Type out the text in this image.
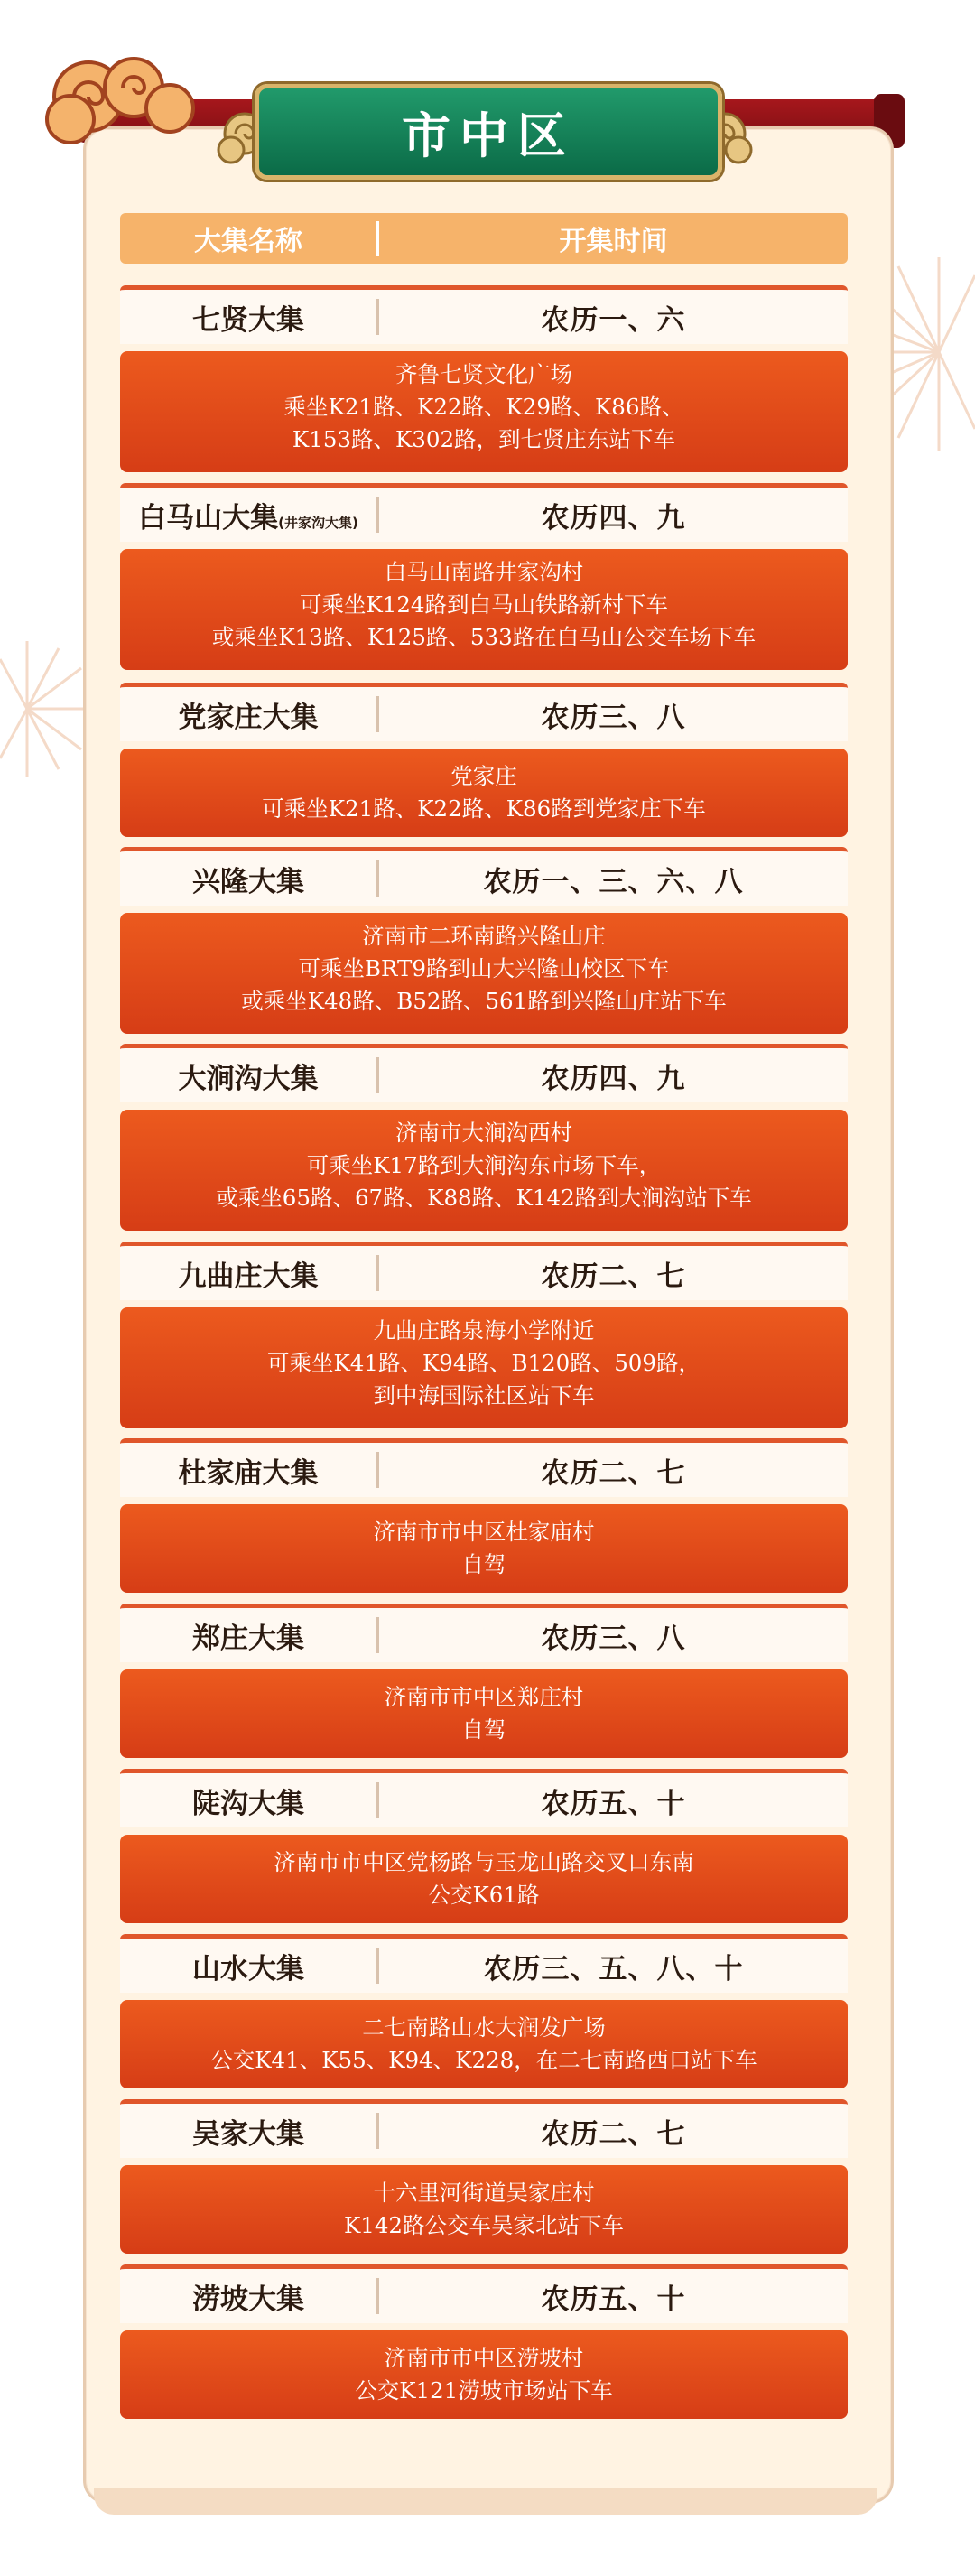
市中区
大集名称	开集时间
七贤大集	农历一、六
齐鲁七贤文化广场
乘坐K21路、K22路、K29路、K86路、
K153路、K302路，到七贤庄东站下车
白马山大集(井家沟大集)	农历四、九
白马山南路井家沟村
可乘坐K124路到白马山铁路新村下车
或乘坐K13路、K125路、533路在白马山公交车场下车
党家庄大集	农历三、八
党家庄
可乘坐K21路、K22路、K86路到党家庄下车
兴隆大集	农历一、三、六、八
济南市二环南路兴隆山庄
可乘坐BRT9路到山大兴隆山校区下车
或乘坐K48路、B52路、561路到兴隆山庄站下车
大涧沟大集	农历四、九
济南市大涧沟西村
可乘坐K17路到大涧沟东市场下车，
或乘坐65路、67路、K88路、K142路到大涧沟站下车
九曲庄大集	农历二、七
九曲庄路泉海小学附近
可乘坐K41路、K94路、B120路、509路，
到中海国际社区站下车
杜家庙大集	农历二、七
济南市市中区杜家庙村
自驾
郑庄大集	农历三、八
济南市市中区郑庄村
自驾
陡沟大集	农历五、十
济南市市中区党杨路与玉龙山路交叉口东南
公交K61路
山水大集	农历三、五、八、十
二七南路山水大润发广场
公交K41、K55、K94、K228，在二七南路西口站下车
吴家大集	农历二、七
十六里河街道吴家庄村
K142路公交车吴家北站下车
涝坡大集	农历五、十
济南市市中区涝坡村
公交K121涝坡市场站下车
